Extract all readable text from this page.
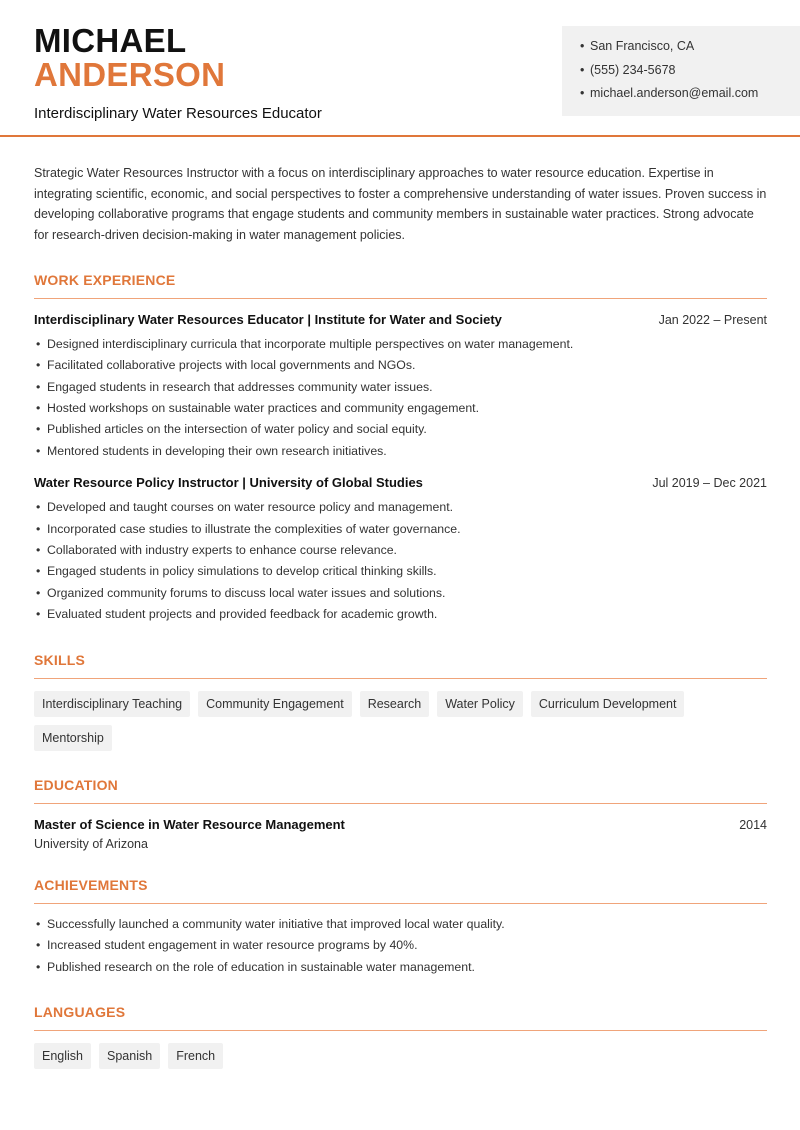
MICHAEL
ANDERSON
Interdisciplinary Water Resources Educator
• San Francisco, CA
• (555) 234-5678
• michael.anderson@email.com

Strategic Water Resources Instructor with a focus on interdisciplinary approaches to water resource education. Expertise in integrating scientific, economic, and social perspectives to foster a comprehensive understanding of water issues. Proven success in developing collaborative programs that engage students and community members in sustainable water practices. Strong advocate for research-driven decision-making in water management policies.

WORK EXPERIENCE
Interdisciplinary Water Resources Educator | Institute for Water and Society	Jan 2022 – Present
• Designed interdisciplinary curricula that incorporate multiple perspectives on water management.
• Facilitated collaborative projects with local governments and NGOs.
• Engaged students in research that addresses community water issues.
• Hosted workshops on sustainable water practices and community engagement.
• Published articles on the intersection of water policy and social equity.
• Mentored students in developing their own research initiatives.
Water Resource Policy Instructor | University of Global Studies	Jul 2019 – Dec 2021
• Developed and taught courses on water resource policy and management.
• Incorporated case studies to illustrate the complexities of water governance.
• Collaborated with industry experts to enhance course relevance.
• Engaged students in policy simulations to develop critical thinking skills.
• Organized community forums to discuss local water issues and solutions.
• Evaluated student projects and provided feedback for academic growth.
SKILLS
Interdisciplinary Teaching	Community Engagement	Research	Water Policy	Curriculum Development
Mentorship
EDUCATION
Master of Science in Water Resource Management	2014
University of Arizona
ACHIEVEMENTS
• Successfully launched a community water initiative that improved local water quality.
• Increased student engagement in water resource programs by 40%.
• Published research on the role of education in sustainable water management.
LANGUAGES
English	Spanish	French
